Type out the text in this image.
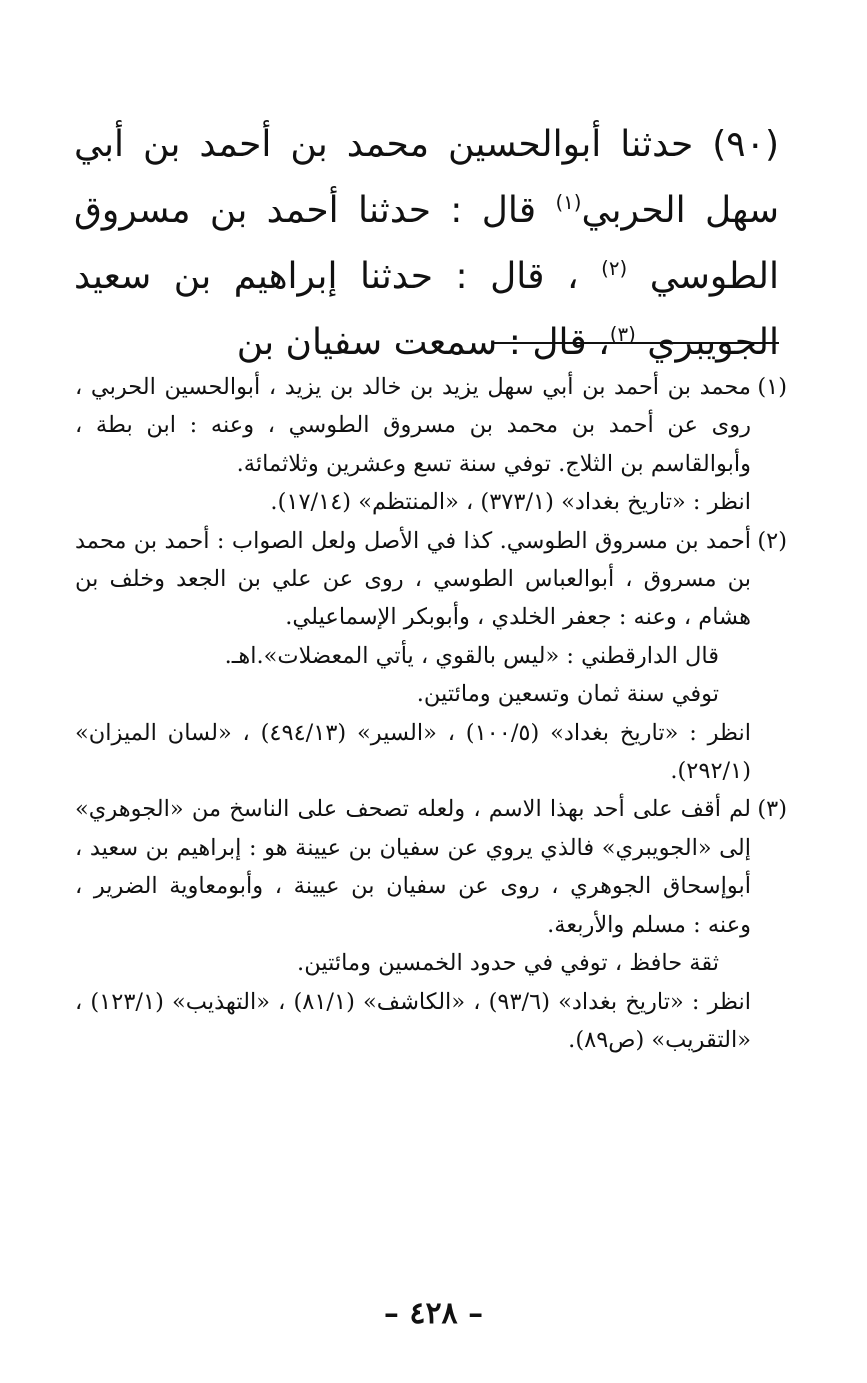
(٩٠) حدثنا أبوالحسين محمد بن أحمد بن أبي سهل الحربي$^{(١)}$ قال : حدثنا أحمد بن مسروق الطوسي $^{(٢)}$ ، قال : حدثنا إبراهيم بن سعيد الجويبري $^{(٣)}$، قال : سمعت سفيان بن
(١)

محمد بن أحمد بن أبي سهل يزيد بن خالد بن يزيد ، أبوالحسين الحربي ، روى عن أحمد بن محمد بن مسروق الطوسي ، وعنه : ابن بطة ، وأبوالقاسم بن الثلاج. توفي سنة تسع وعشرين وثلاثمائة.

انظر : «تاريخ بغداد» (٣٧٣/١) ، «المنتظم» (١٧/١٤).

(٢)

أحمد بن مسروق الطوسي. كذا في الأصل ولعل الصواب : أحمد بن محمد بن مسروق ، أبوالعباس الطوسي ، روى عن علي بن الجعد وخلف بن هشام ، وعنه : جعفر الخلدي ، وأبوبكر الإسماعيلي.

قال الدارقطني : «ليس بالقوي ، يأتي المعضلات».اهـ.

توفي سنة ثمان وتسعين ومائتين.

انظر : «تاريخ بغداد» (١٠٠/٥) ، «السير» (٤٩٤/١٣) ، «لسان الميزان» (٢٩٢/١).

(٣)

لم أقف على أحد بهذا الاسم ، ولعله تصحف على الناسخ من «الجوهري» إلى «الجويبري» فالذي يروي عن سفيان بن عيينة هو : إبراهيم بن سعيد ، أبوإسحاق الجوهري ، روى عن سفيان بن عيينة ، وأبومعاوية الضرير ، وعنه : مسلم والأربعة.

ثقة حافظ ، توفي في حدود الخمسين ومائتين.

انظر : «تاريخ بغداد» (٩٣/٦) ، «الكاشف» (٨١/١) ، «التهذيب» (١٢٣/١) ، «التقريب» (ص٨٩).

– ٤٢٨ –
